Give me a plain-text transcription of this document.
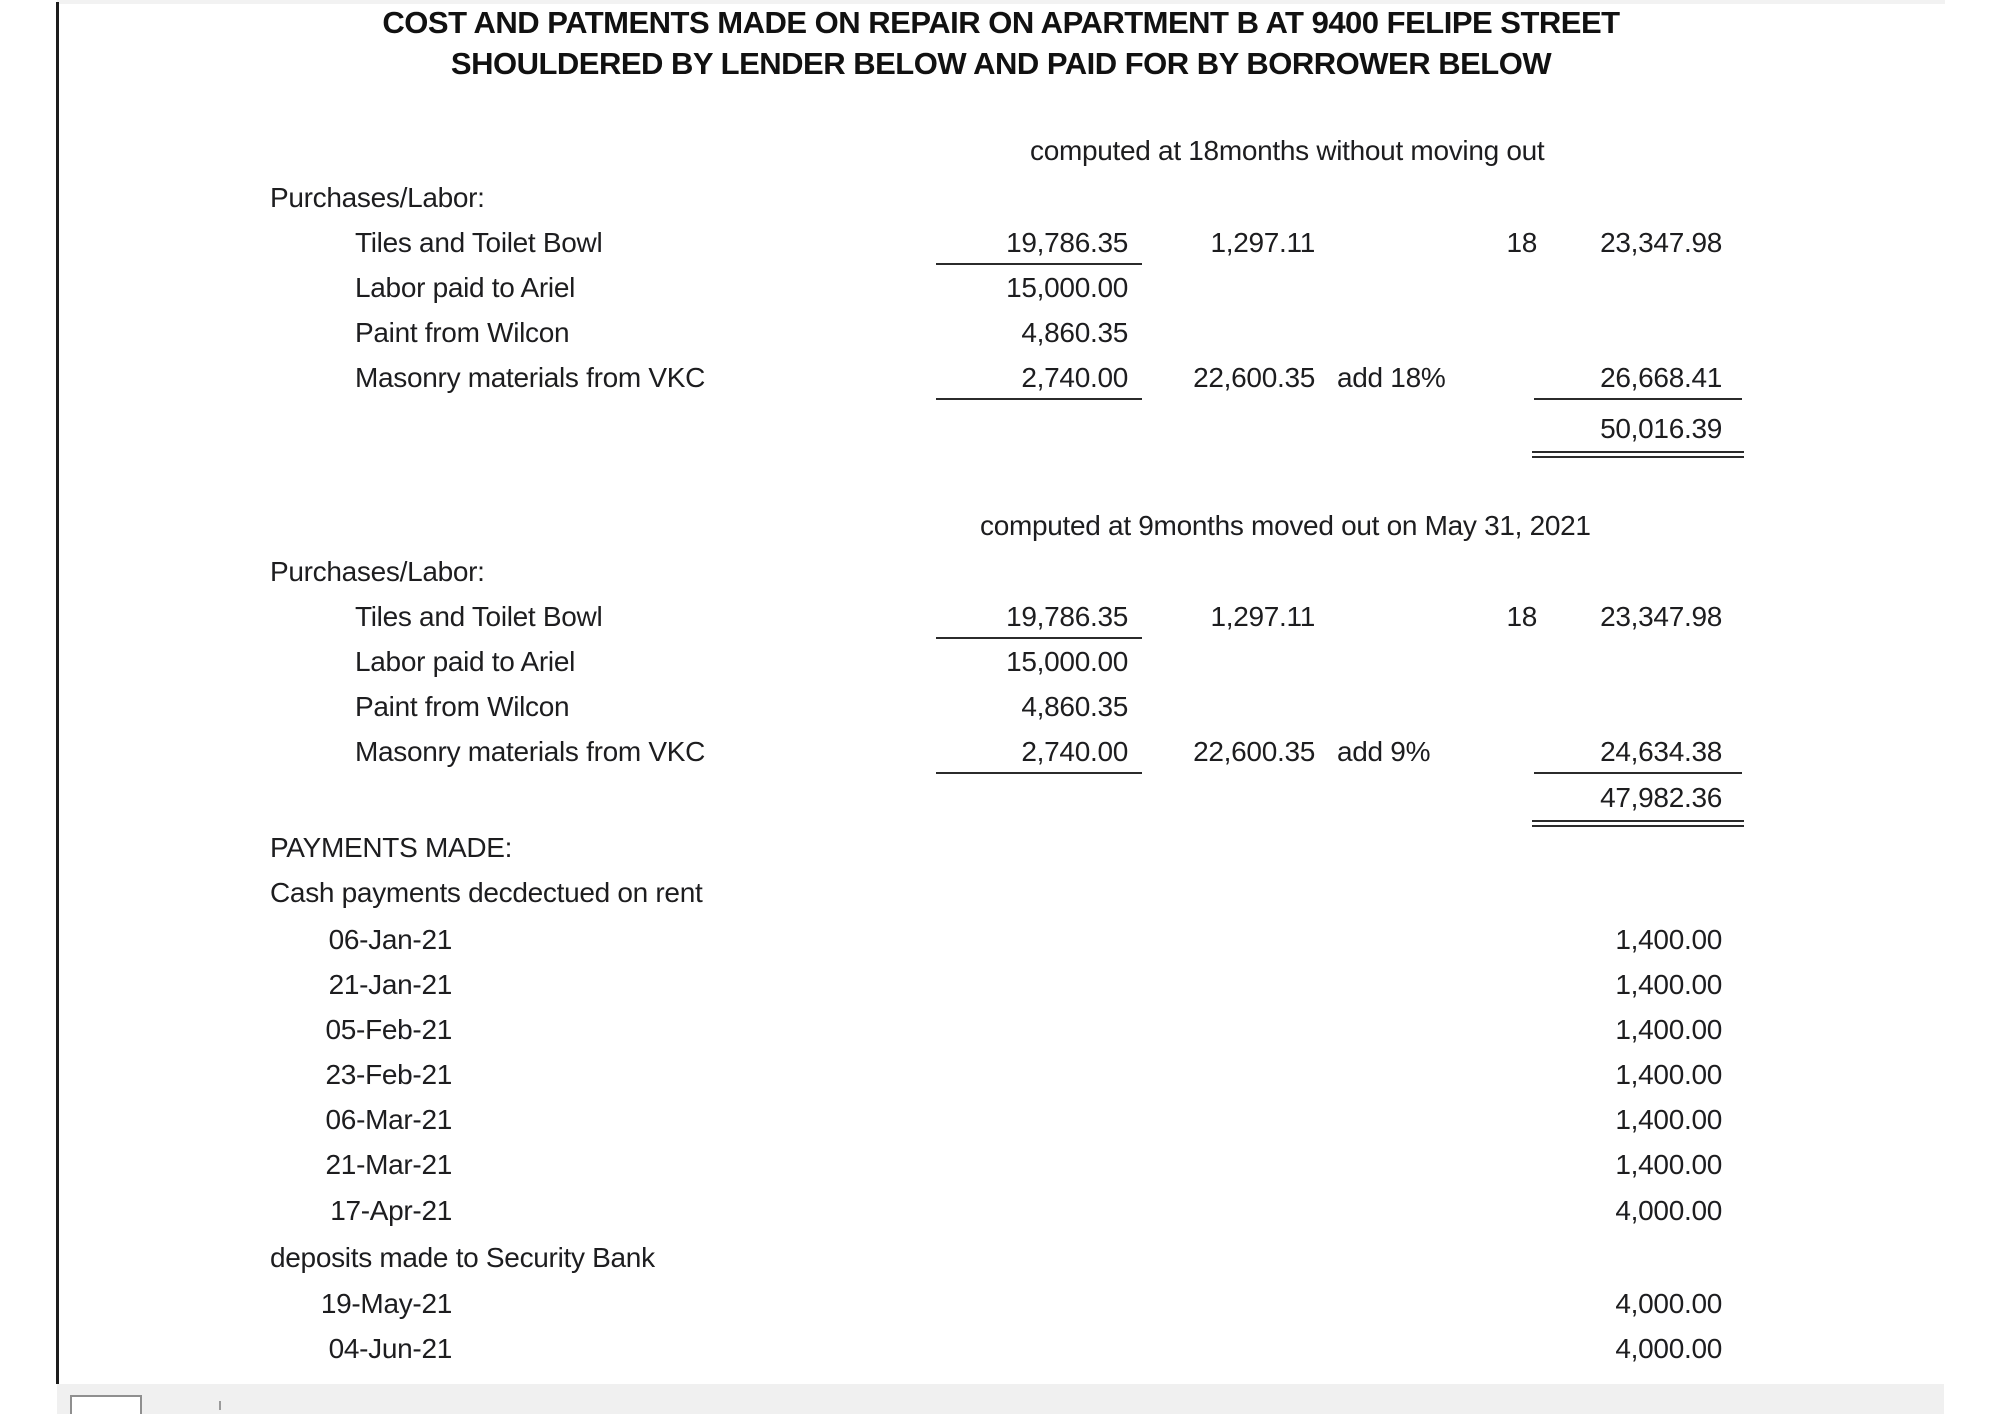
COST AND PATMENTS MADE ON REPAIR ON APARTMENT B AT 9400 FELIPE STREET
SHOULDERED BY LENDER BELOW AND PAID FOR BY BORROWER BELOW
computed at 18months without moving out
Purchases/Labor:
Tiles and Toilet Bowl	19,786.35	1,297.11	18	23,347.98
Labor paid to Ariel	15,000.00
Paint from Wilcon	4,860.35
Masonry materials from VKC	2,740.00	22,600.35 add 18%	26,668.41
50,016.39
computed at 9months moved out on May 31, 2021
Purchases/Labor:
Tiles and Toilet Bowl	19,786.35	1,297.11	18	23,347.98
Labor paid to Ariel	15,000.00
Paint from Wilcon	4,860.35
Masonry materials from VKC	2,740.00	22,600.35 add 9%	24,634.38
47,982.36
PAYMENTS MADE:
Cash payments decdectued on rent
06-Jan-21	1,400.00
21-Jan-21	1,400.00
05-Feb-21	1,400.00
23-Feb-21	1,400.00
06-Mar-21	1,400.00
21-Mar-21	1,400.00
17-Apr-21	4,000.00
deposits made to Security Bank
19-May-21	4,000.00
04-Jun-21	4,000.00
